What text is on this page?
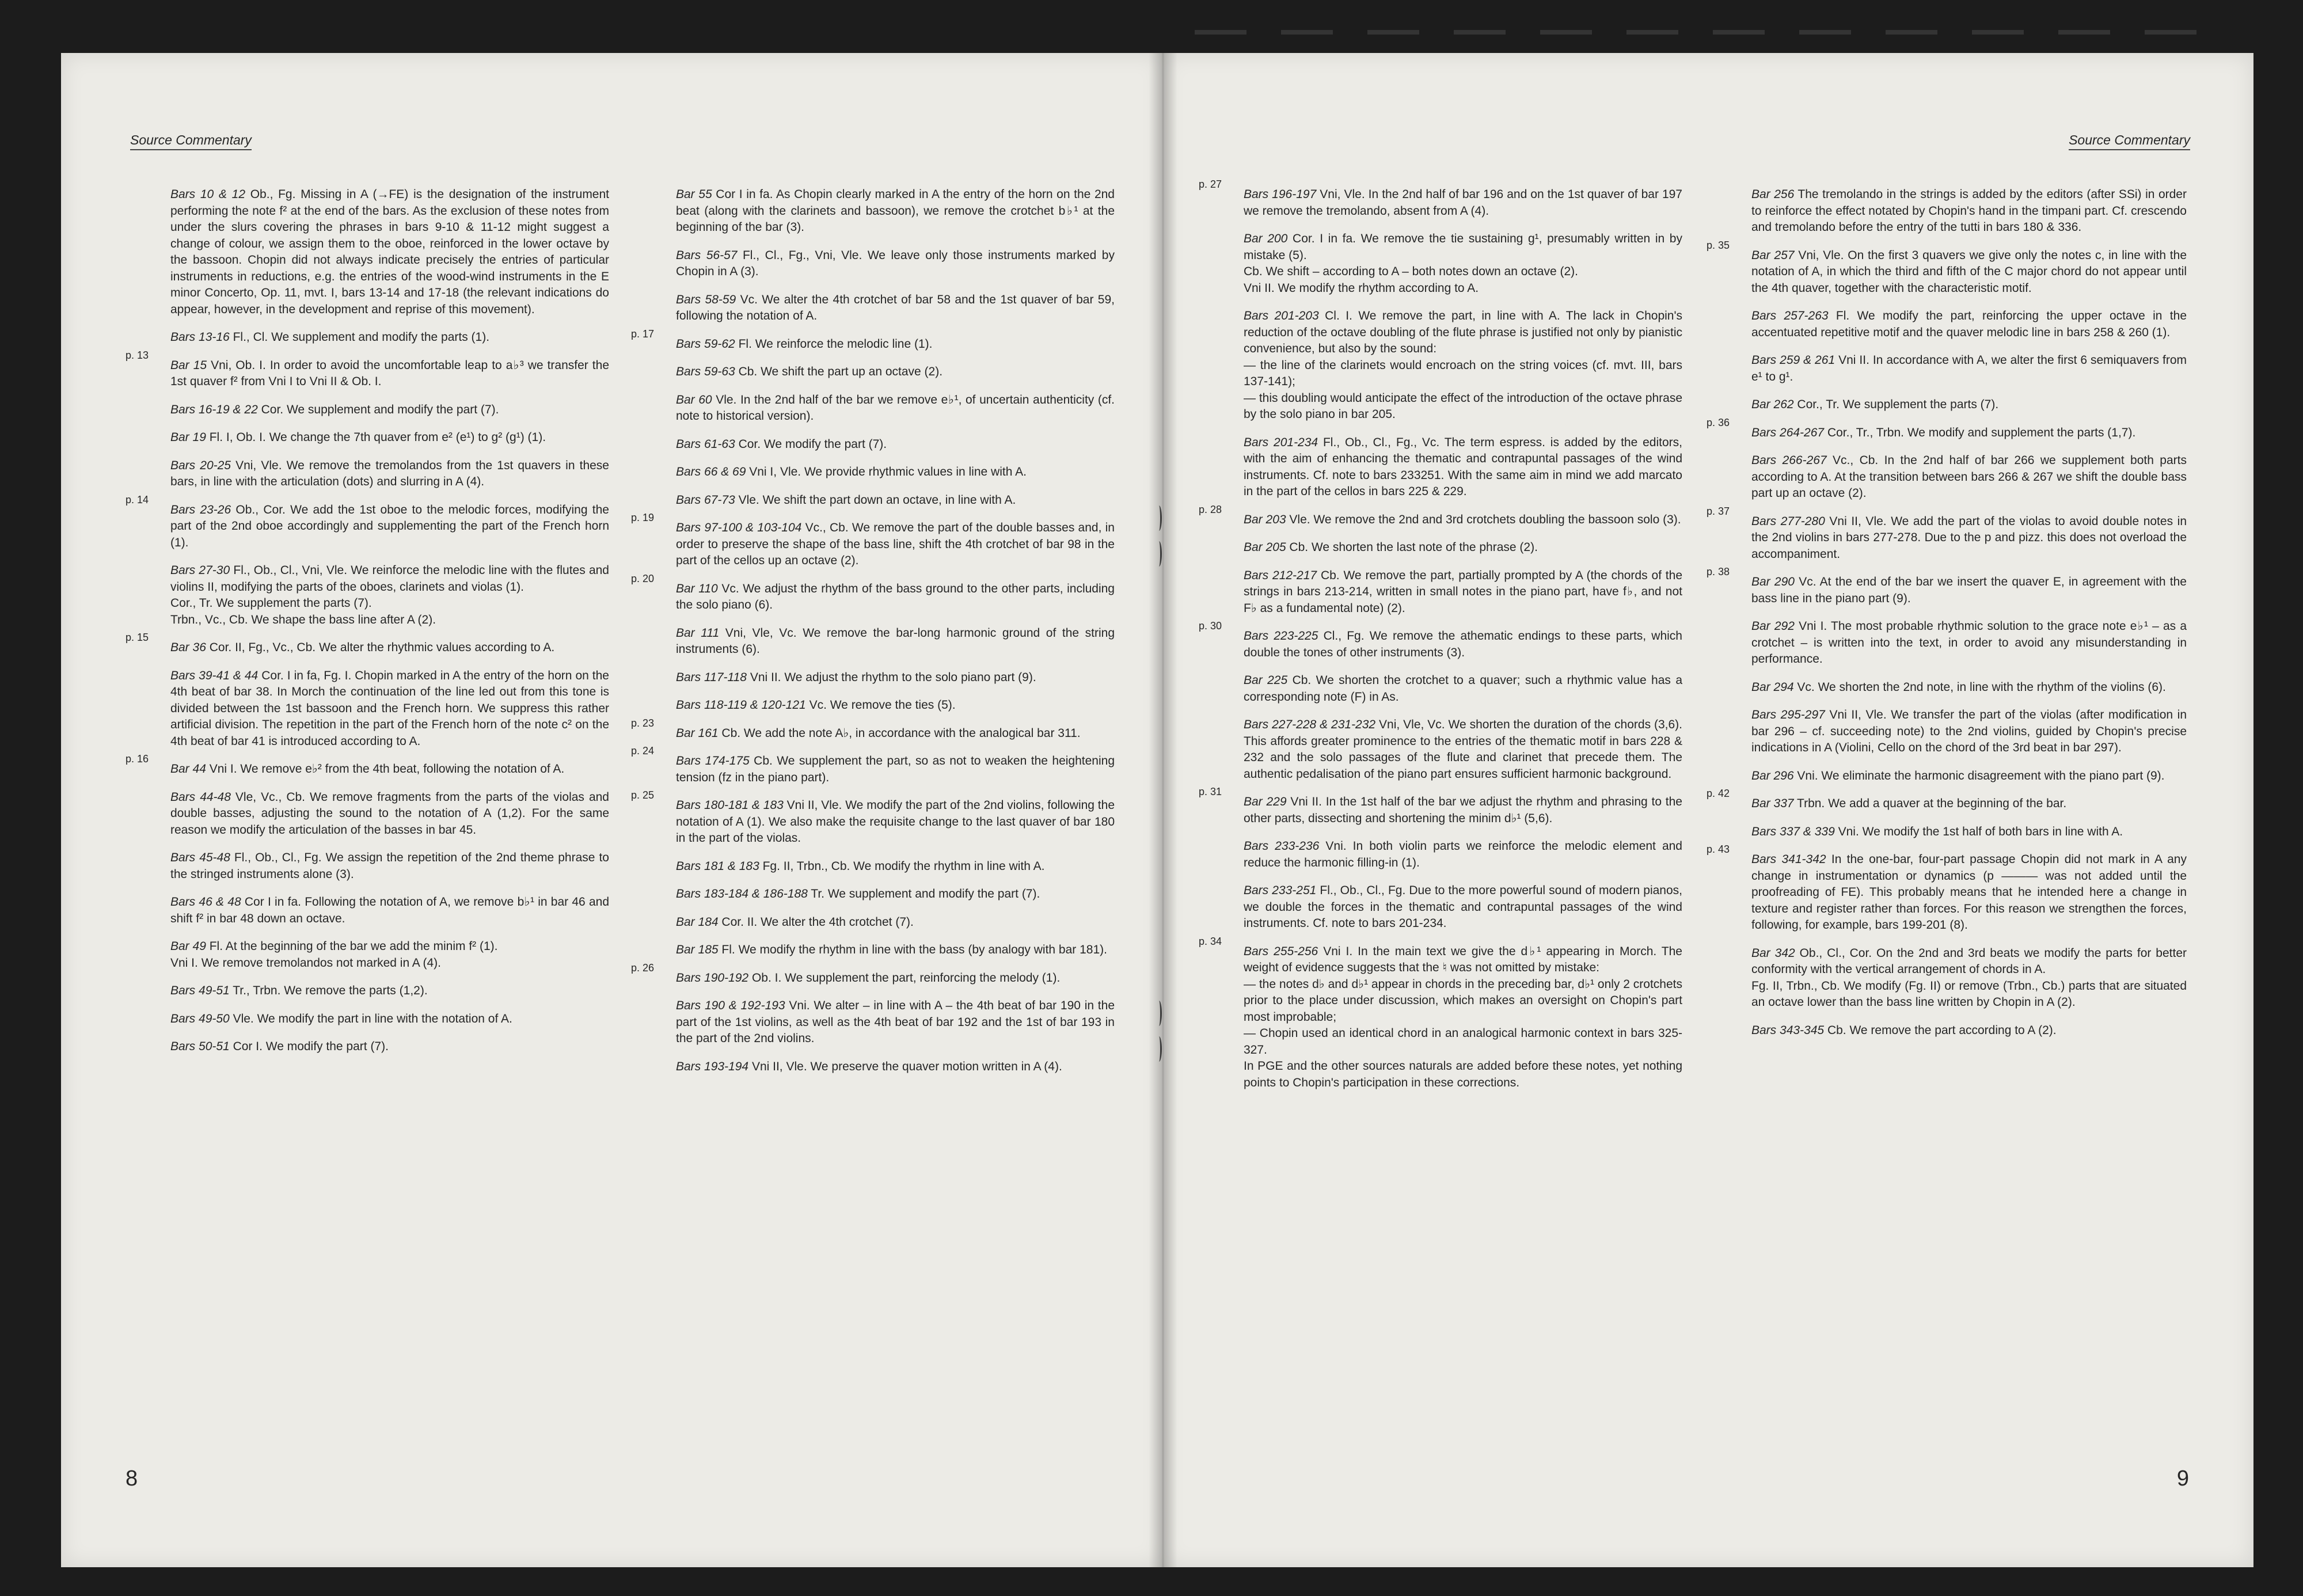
Source Commentary

Bars 10 & 12 Ob., Fg. Missing in A (→FE) is the designation of the instrument performing the note f² at the end of the bars. As the exclusion of these notes from under the slurs covering the phrases in bars 9-10 & 11-12 might suggest a change of colour, we assign them to the oboe, reinforced in the lower octave by the bassoon. Chopin did not always indicate precisely the entries of particular instruments in reductions, e.g. the entries of the wood-wind instruments in the E minor Concerto, Op. 11, mvt. I, bars 13-14 and 17-18 (the relevant indications do appear, however, in the development and reprise of this movement).

Bars 13-16 Fl., Cl. We supplement and modify the parts (1).

p. 13

Bar 15 Vni, Ob. I. In order to avoid the uncomfortable leap to a♭³ we transfer the 1st quaver f² from Vni I to Vni II & Ob. I.

Bars 16-19 & 22 Cor. We supplement and modify the part (7).

Bar 19 Fl. I, Ob. I. We change the 7th quaver from e² (e¹) to g² (g¹) (1).

Bars 20-25 Vni, Vle. We remove the tremolandos from the 1st quavers in these bars, in line with the articulation (dots) and slurring in A (4).

p. 14

Bars 23-26 Ob., Cor. We add the 1st oboe to the melodic forces, modifying the part of the 2nd oboe accordingly and supplementing the part of the French horn (1).

Bars 27-30 Fl., Ob., Cl., Vni, Vle. We reinforce the melodic line with the flutes and violins II, modifying the parts of the oboes, clarinets and violas (1).

Cor., Tr. We supplement the parts (7).

Trbn., Vc., Cb. We shape the bass line after A (2).

p. 15

Bar 36 Cor. II, Fg., Vc., Cb. We alter the rhythmic values according to A.

Bars 39-41 & 44 Cor. I in fa, Fg. I. Chopin marked in A the entry of the horn on the 4th beat of bar 38. In Morch the continuation of the line led out from this tone is divided between the 1st bassoon and the French horn. We suppress this rather artificial division. The repetition in the part of the French horn of the note c² on the 4th beat of bar 41 is introduced according to A.

p. 16

Bar 44 Vni I. We remove e♭² from the 4th beat, following the notation of A.

Bars 44-48 Vle, Vc., Cb. We remove fragments from the parts of the violas and double basses, adjusting the sound to the notation of A (1,2). For the same reason we modify the articulation of the basses in bar 45.

Bars 45-48 Fl., Ob., Cl., Fg. We assign the repetition of the 2nd theme phrase to the stringed instruments alone (3).

Bars 46 & 48 Cor I in fa. Following the notation of A, we remove b♭¹ in bar 46 and shift f² in bar 48 down an octave.

Bar 49 Fl. At the beginning of the bar we add the minim f² (1).

Vni I. We remove tremolandos not marked in A (4).

Bars 49-51 Tr., Trbn. We remove the parts (1,2).

Bars 49-50 Vle. We modify the part in line with the notation of A.

Bars 50-51 Cor I. We modify the part (7).

Bar 55 Cor I in fa. As Chopin clearly marked in A the entry of the horn on the 2nd beat (along with the clarinets and bassoon), we remove the crotchet b♭¹ at the beginning of the bar (3).

Bars 56-57 Fl., Cl., Fg., Vni, Vle. We leave only those instruments marked by Chopin in A (3).

Bars 58-59 Vc. We alter the 4th crotchet of bar 58 and the 1st quaver of bar 59, following the notation of A.

p. 17

Bars 59-62 Fl. We reinforce the melodic line (1).

Bars 59-63 Cb. We shift the part up an octave (2).

Bar 60 Vle. In the 2nd half of the bar we remove e♭¹, of uncertain authenticity (cf. note to historical version).

Bars 61-63 Cor. We modify the part (7).

Bars 66 & 69 Vni I, Vle. We provide rhythmic values in line with A.

Bars 67-73 Vle. We shift the part down an octave, in line with A.

p. 19

Bars 97-100 & 103-104 Vc., Cb. We remove the part of the double basses and, in order to preserve the shape of the bass line, shift the 4th crotchet of bar 98 in the part of the cellos up an octave (2).

p. 20

Bar 110 Vc. We adjust the rhythm of the bass ground to the other parts, including the solo piano (6).

Bar 111 Vni, Vle, Vc. We remove the bar-long harmonic ground of the string instruments (6).

Bars 117-118 Vni II. We adjust the rhythm to the solo piano part (9).

Bars 118-119 & 120-121 Vc. We remove the ties (5).

p. 23

Bar 161 Cb. We add the note A♭, in accordance with the analogical bar 311.

p. 24

Bars 174-175 Cb. We supplement the part, so as not to weaken the heightening tension (fz in the piano part).

p. 25

Bars 180-181 & 183 Vni II, Vle. We modify the part of the 2nd violins, following the notation of A (1). We also make the requisite change to the last quaver of bar 180 in the part of the violas.

Bars 181 & 183 Fg. II, Trbn., Cb. We modify the rhythm in line with A.

Bars 183-184 & 186-188 Tr. We supplement and modify the part (7).

Bar 184 Cor. II. We alter the 4th crotchet (7).

Bar 185 Fl. We modify the rhythm in line with the bass (by analogy with bar 181).

p. 26

Bars 190-192 Ob. I. We supplement the part, reinforcing the melody (1).

Bars 190 & 192-193 Vni. We alter – in line with A – the 4th beat of bar 190 in the part of the 1st violins, as well as the 4th beat of bar 192 and the 1st of bar 193 in the part of the 2nd violins.

Bars 193-194 Vni II, Vle. We preserve the quaver motion written in A (4).

8
Source Commentary
p. 27

Bars 196-197 Vni, Vle. In the 2nd half of bar 196 and on the 1st quaver of bar 197 we remove the tremolando, absent from A (4).

Bar 200 Cor. I in fa. We remove the tie sustaining g¹, presumably written in by mistake (5).

Cb. We shift – according to A – both notes down an octave (2).

Vni II. We modify the rhythm according to A.

Bars 201-203 Cl. I. We remove the part, in line with A. The lack in Chopin's reduction of the octave doubling of the flute phrase is justified not only by pianistic convenience, but also by the sound:

— the line of the clarinets would encroach on the string voices (cf. mvt. III, bars 137-141);

— this doubling would anticipate the effect of the introduction of the octave phrase by the solo piano in bar 205.

Bars 201-234 Fl., Ob., Cl., Fg., Vc. The term espress. is added by the editors, with the aim of enhancing the thematic and contrapuntal passages of the wind instruments. Cf. note to bars 233251. With the same aim in mind we add marcato in the part of the cellos in bars 225 & 229.

p. 28

Bar 203 Vle. We remove the 2nd and 3rd crotchets doubling the bassoon solo (3).

Bar 205 Cb. We shorten the last note of the phrase (2).

Bars 212-217 Cb. We remove the part, partially prompted by A (the chords of the strings in bars 213-214, written in small notes in the piano part, have f♭, and not F♭ as a fundamental note) (2).

p. 30

Bars 223-225 Cl., Fg. We remove the athematic endings to these parts, which double the tones of other instruments (3).

Bar 225 Cb. We shorten the crotchet to a quaver; such a rhythmic value has a corresponding note (F) in As.

Bars 227-228 & 231-232 Vni, Vle, Vc. We shorten the duration of the chords (3,6). This affords greater prominence to the entries of the thematic motif in bars 228 & 232 and the solo passages of the flute and clarinet that precede them. The authentic pedalisation of the piano part ensures sufficient harmonic background.

p. 31

Bar 229 Vni II. In the 1st half of the bar we adjust the rhythm and phrasing to the other parts, dissecting and shortening the minim d♭¹ (5,6).

Bars 233-236 Vni. In both violin parts we reinforce the melodic element and reduce the harmonic filling-in (1).

Bars 233-251 Fl., Ob., Cl., Fg. Due to the more powerful sound of modern pianos, we double the forces in the thematic and contrapuntal passages of the wind instruments. Cf. note to bars 201-234.

p. 34

Bars 255-256 Vni I. In the main text we give the d♭¹ appearing in Morch. The weight of evidence suggests that the ♮ was not omitted by mistake:

— the notes d♭ and d♭¹ appear in chords in the preceding bar, d♭¹ only 2 crotchets prior to the place under discussion, which makes an oversight on Chopin's part most improbable;

— Chopin used an identical chord in an analogical harmonic context in bars 325-327.

In PGE and the other sources naturals are added before these notes, yet nothing points to Chopin's participation in these corrections.

Bar 256 The tremolando in the strings is added by the editors (after SSi) in order to reinforce the effect notated by Chopin's hand in the timpani part. Cf. crescendo and tremolando before the entry of the tutti in bars 180 & 336.

p. 35

Bar 257 Vni, Vle. On the first 3 quavers we give only the notes c, in line with the notation of A, in which the third and fifth of the C major chord do not appear until the 4th quaver, together with the characteristic motif.

Bars 257-263 Fl. We modify the part, reinforcing the upper octave in the accentuated repetitive motif and the quaver melodic line in bars 258 & 260 (1).

Bars 259 & 261 Vni II. In accordance with A, we alter the first 6 semiquavers from e¹ to g¹.

Bar 262 Cor., Tr. We supplement the parts (7).

p. 36

Bars 264-267 Cor., Tr., Trbn. We modify and supplement the parts (1,7).

Bars 266-267 Vc., Cb. In the 2nd half of bar 266 we supplement both parts according to A. At the transition between bars 266 & 267 we shift the double bass part up an octave (2).

p. 37

Bars 277-280 Vni II, Vle. We add the part of the violas to avoid double notes in the 2nd violins in bars 277-278. Due to the p and pizz. this does not overload the accompaniment.

p. 38

Bar 290 Vc. At the end of the bar we insert the quaver E, in agreement with the bass line in the piano part (9).

Bar 292 Vni I. The most probable rhythmic solution to the grace note e♭¹ – as a crotchet – is written into the text, in order to avoid any misunderstanding in performance.

Bar 294 Vc. We shorten the 2nd note, in line with the rhythm of the violins (6).

Bars 295-297 Vni II, Vle. We transfer the part of the violas (after modification in bar 296 – cf. succeeding note) to the 2nd violins, guided by Chopin's precise indications in A (Violini, Cello on the chord of the 3rd beat in bar 297).

Bar 296 Vni. We eliminate the harmonic disagreement with the piano part (9).

p. 42

Bar 337 Trbn. We add a quaver at the beginning of the bar.

Bars 337 & 339 Vni. We modify the 1st half of both bars in line with A.

p. 43

Bars 341-342 In the one-bar, four-part passage Chopin did not mark in A any change in instrumentation or dynamics (p ——— was not added until the proofreading of FE). This probably means that he intended here a change in texture and register rather than forces. For this reason we strengthen the forces, following, for example, bars 199-201 (8).

Bar 342 Ob., Cl., Cor. On the 2nd and 3rd beats we modify the parts for better conformity with the vertical arrangement of chords in A.

Fg. II, Trbn., Cb. We modify (Fg. II) or remove (Trbn., Cb.) parts that are situated an octave lower than the bass line written by Chopin in A (2).

Bars 343-345 Cb. We remove the part according to A (2).

9
